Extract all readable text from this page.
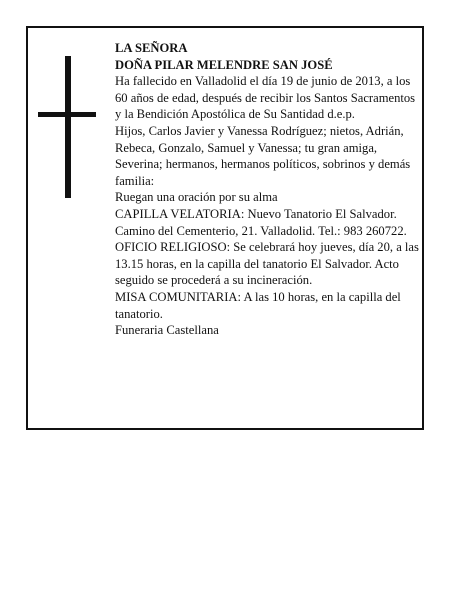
LA SEÑORA

DOÑA PILAR MELENDRE SAN JOSÉ

Ha fallecido en Valladolid el día 19 de junio de 2013, a los 60 años de edad, después de recibir los Santos Sacramentos y la Bendición Apostólica de Su Santidad d.e.p.

Hijos, Carlos Javier y Vanessa Rodríguez; nietos, Adrián, Rebeca, Gonzalo, Samuel y Vanessa; tu gran amiga, Severina; hermanos, hermanos políticos, sobrinos y demás familia:

Ruegan una oración por su alma

CAPILLA VELATORIA: Nuevo Tanatorio El Salvador. Camino del Cementerio, 21. Valladolid. Tel.: 983 260722.

OFICIO RELIGIOSO: Se celebrará hoy jueves, día 20, a las 13.15 horas, en la capilla del tanatorio El Salvador. Acto seguido se procederá a su incineración.

MISA COMUNITARIA: A las 10 horas, en la capilla del tanatorio.

Funeraria Castellana
